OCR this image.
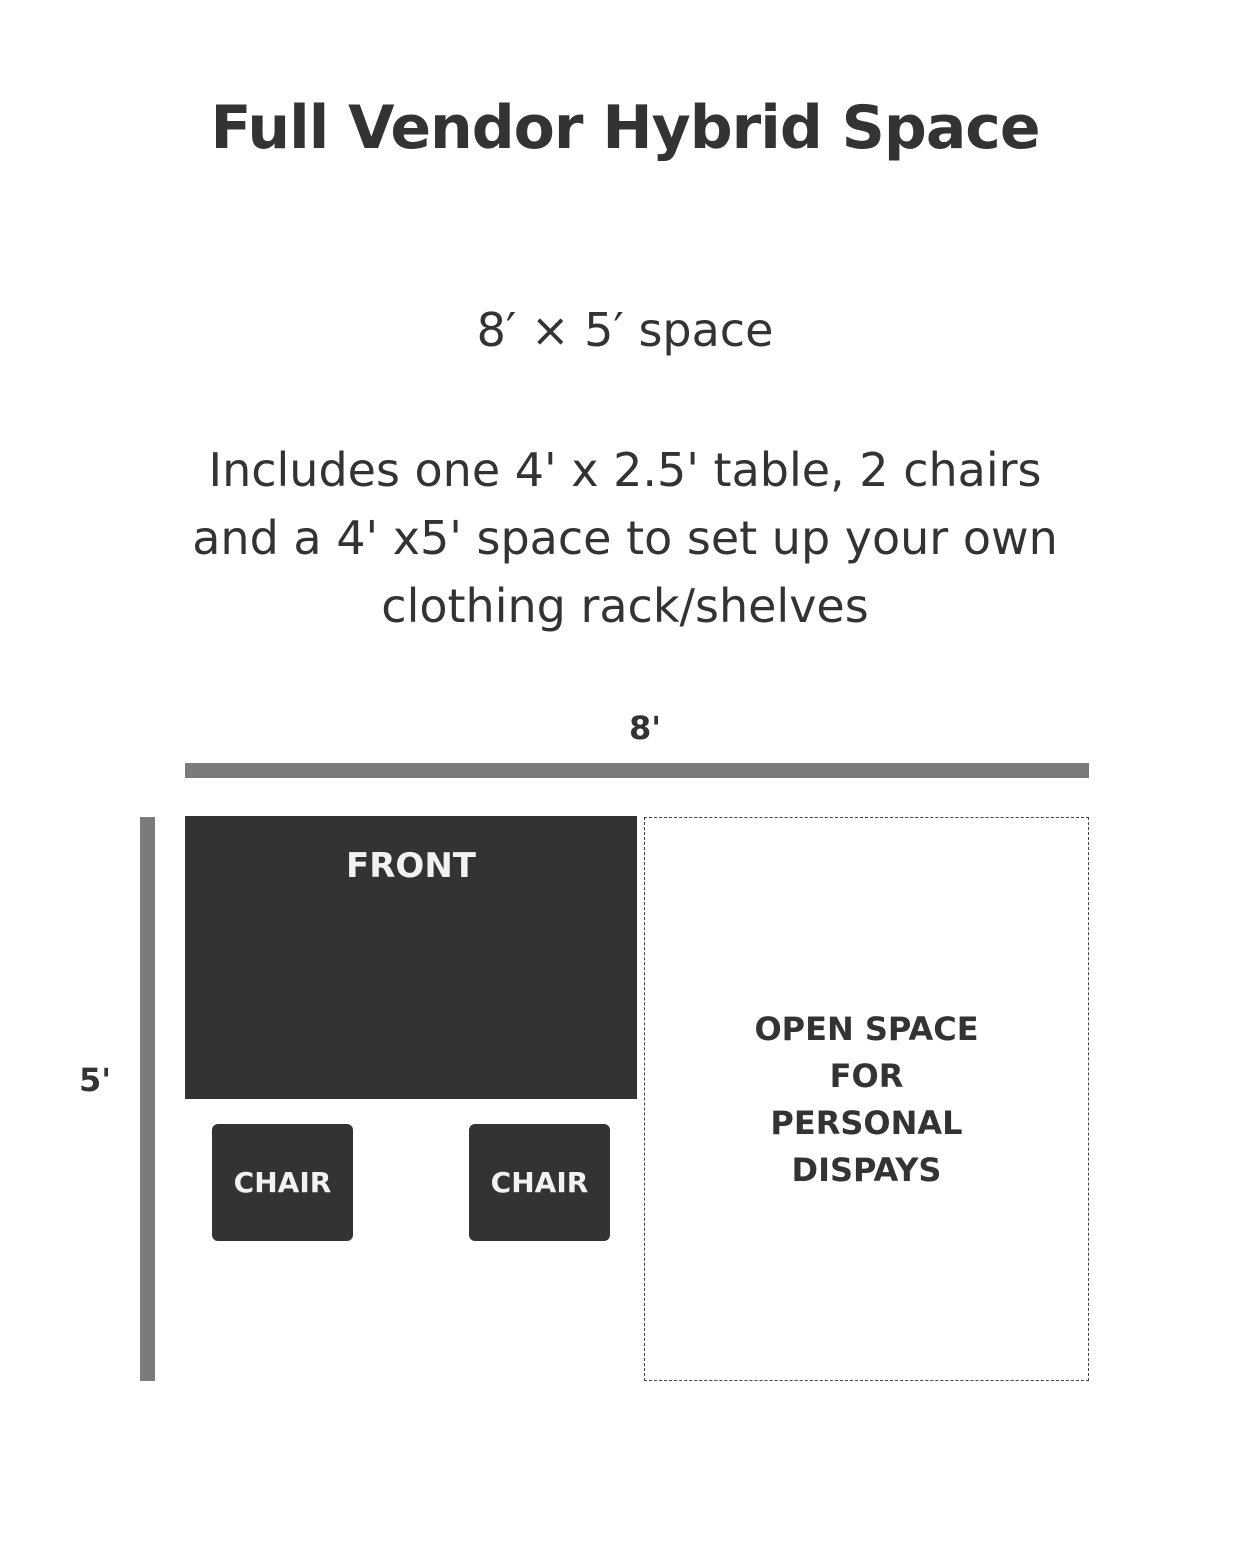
Full Vendor Hybrid Space
8′ × 5′ space
Includes one 4' x 2.5' table, 2 chairs
and a 4' x5' space to set up your own
clothing rack/shelves
8'
5'
FRONT
CHAIR	CHAIR
OPEN SPACE
FOR
PERSONAL
DISPAYS
